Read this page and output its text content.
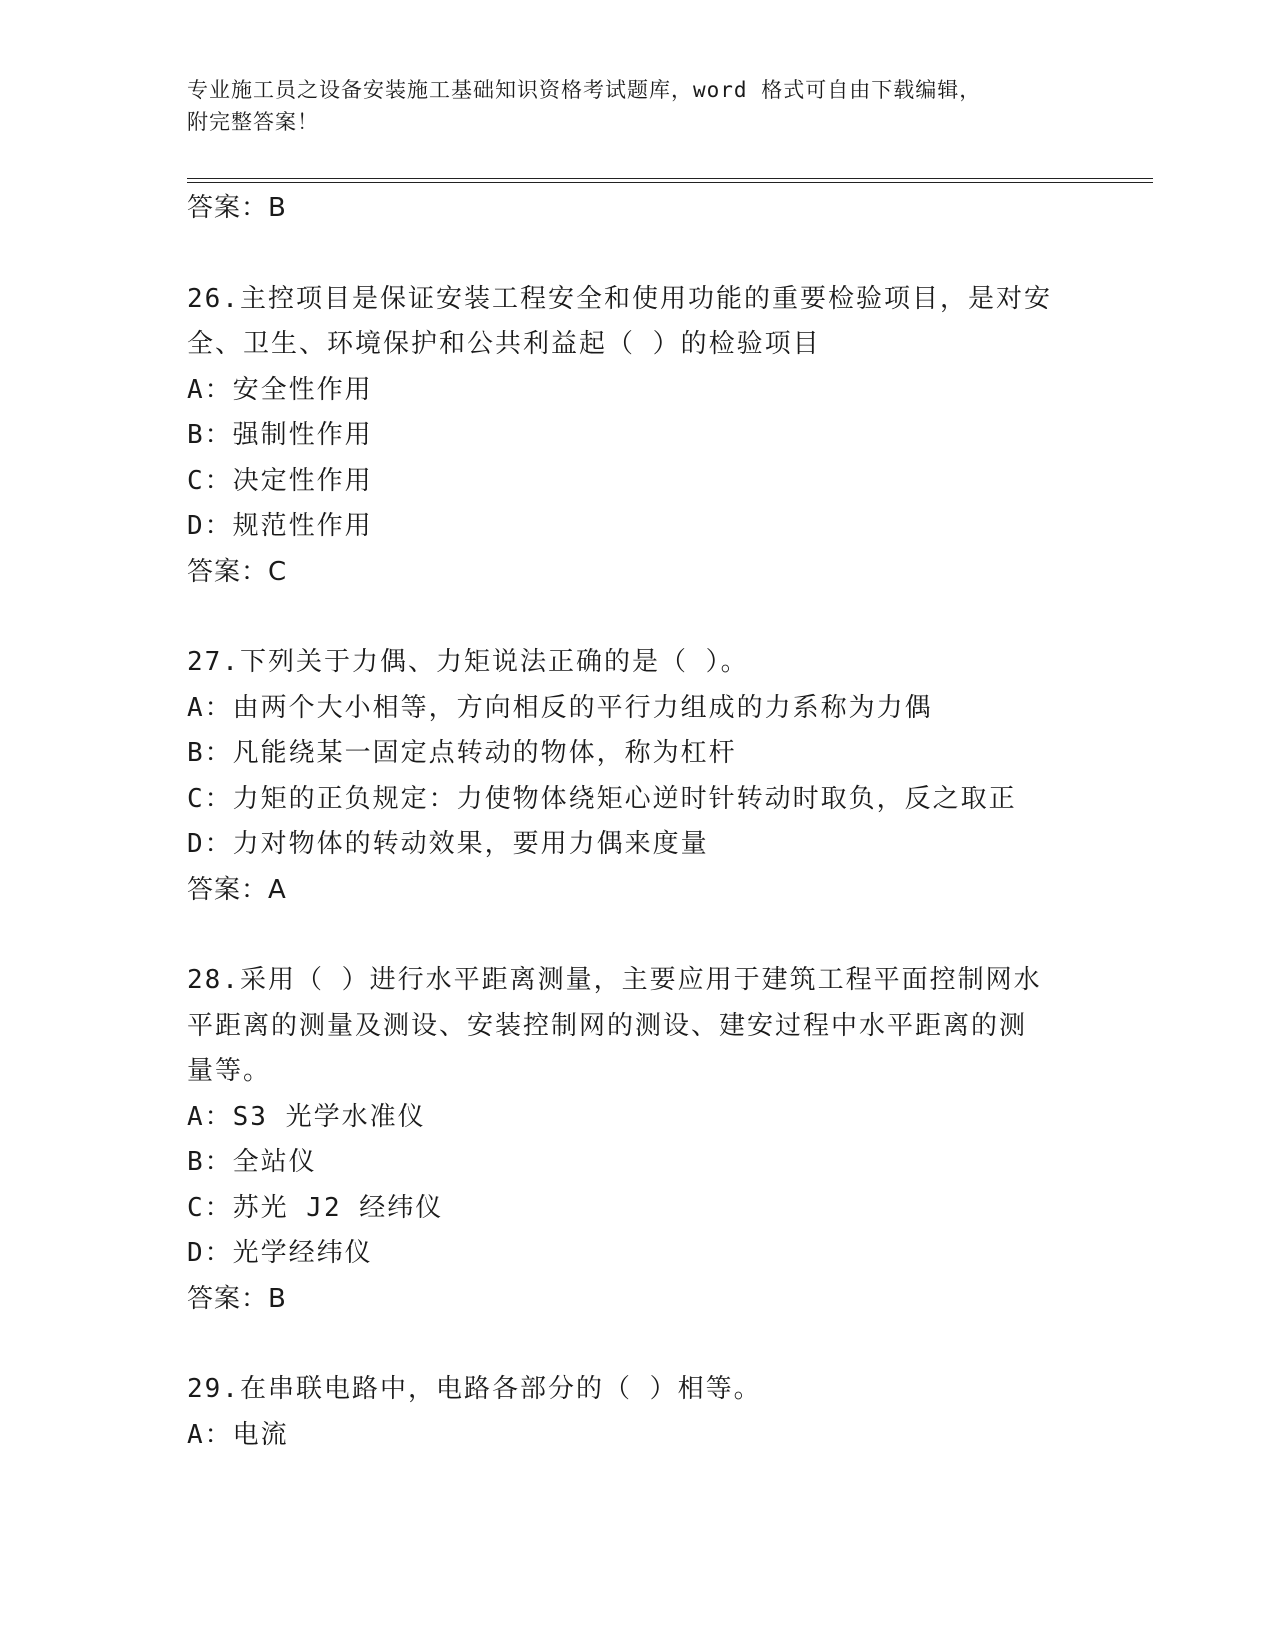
专业施工员之设备安装施工基础知识资格考试题库，word 格式可自由下载编辑，
附完整答案！
答案：B
26.主控项目是保证安装工程安全和使用功能的重要检验项目，是对安
全、卫生、环境保护和公共利益起（ ）的检验项目
A：安全性作用
B：强制性作用
C：决定性作用
D：规范性作用
答案：C
27.下列关于力偶、力矩说法正确的是（ ）。
A：由两个大小相等，方向相反的平行力组成的力系称为力偶
B：凡能绕某一固定点转动的物体，称为杠杆
C：力矩的正负规定：力使物体绕矩心逆时针转动时取负，反之取正
D：力对物体的转动效果，要用力偶来度量
答案：A
28.采用（ ）进行水平距离测量，主要应用于建筑工程平面控制网水
平距离的测量及测设、安装控制网的测设、建安过程中水平距离的测
量等。
A：S3 光学水准仪
B：全站仪
C：苏光 J2 经纬仪
D：光学经纬仪
答案：B
29.在串联电路中，电路各部分的（ ）相等。
A：电流
